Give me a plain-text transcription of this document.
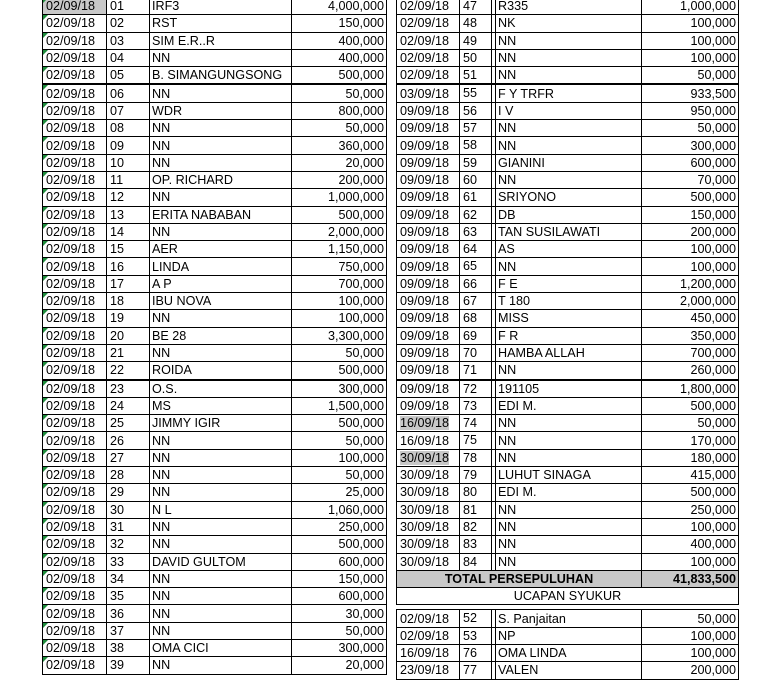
02/09/18	01	IRF3	4,000,000
02/09/18	02	RST	150,000
02/09/18	03	SIM E.R..R	400,000
02/09/18	04	NN	400,000
02/09/18	05	B. SIMANGUNGSONG	500,000
02/09/18	06	NN	50,000
02/09/18	07	WDR	800,000
02/09/18	08	NN	50,000
02/09/18	09	NN	360,000
02/09/18	10	NN	20,000
02/09/18	11	OP. RICHARD	200,000
02/09/18	12	NN	1,000,000
02/09/18	13	ERITA NABABAN	500,000
02/09/18	14	NN	2,000,000
02/09/18	15	AER	1,150,000
02/09/18	16	LINDA	750,000
02/09/18	17	A P	700,000
02/09/18	18	IBU NOVA	100,000
02/09/18	19	NN	100,000
02/09/18	20	BE 28	3,300,000
02/09/18	21	NN	50,000
02/09/18	22	ROIDA	500,000
02/09/18	23	O.S.	300,000
02/09/18	24	MS	1,500,000
02/09/18	25	JIMMY IGIR	500,000
02/09/18	26	NN	50,000
02/09/18	27	NN	100,000
02/09/18	28	NN	50,000
02/09/18	29	NN	25,000
02/09/18	30	N L	1,060,000
02/09/18	31	NN	250,000
02/09/18	32	NN	500,000
02/09/18	33	DAVID GULTOM	600,000
02/09/18	34	NN	150,000
02/09/18	35	NN	600,000
02/09/18	36	NN	30,000
02/09/18	37	NN	50,000
02/09/18	38	OMA CICI	300,000
02/09/18	39	NN	20,000
02/09/18 47		R335	1,000,000
02/09/18 48		NK	100,000
02/09/18 49		NN	100,000
02/09/18 50		NN	100,000
02/09/18 51		NN	50,000
03/09/18 55		F Y TRFR	933,500
09/09/18 56		I V	950,000
09/09/18 57		NN	50,000
09/09/18 58		NN	300,000
09/09/18 59		GIANINI	600,000
09/09/18 60		NN	70,000
09/09/18 61		SRIYONO	500,000
09/09/18 62		DB	150,000
09/09/18 63		TAN SUSILAWATI	200,000
09/09/18 64		AS	100,000
09/09/18 65		NN	100,000
09/09/18 66		F E	1,200,000
09/09/18 67		T 180	2,000,000
09/09/18 68		MISS	450,000
09/09/18 69		F R	350,000
09/09/18 70		HAMBA ALLAH	700,000
09/09/18 71		NN	260,000
09/09/18 72		191105	1,800,000
09/09/18 73		EDI M.	500,000
16/09/18 74		NN	50,000
16/09/18 75		NN	170,000
30/09/18 78		NN	180,000
30/09/18 79		LUHUT SINAGA	415,000
30/09/18 80		EDI M.	500,000
30/09/18 81		NN	250,000
30/09/18 82		NN	100,000
30/09/18 83		NN	400,000
30/09/18 84		NN	100,000
TOTAL PERSEPULUHAN			41,833,500
UCAPAN SYUKUR			

02/09/18 52		S. Panjaitan	50,000
02/09/18 53		NP	100,000
16/09/18 76		OMA LINDA	100,000
23/09/18 77		VALEN	200,000
